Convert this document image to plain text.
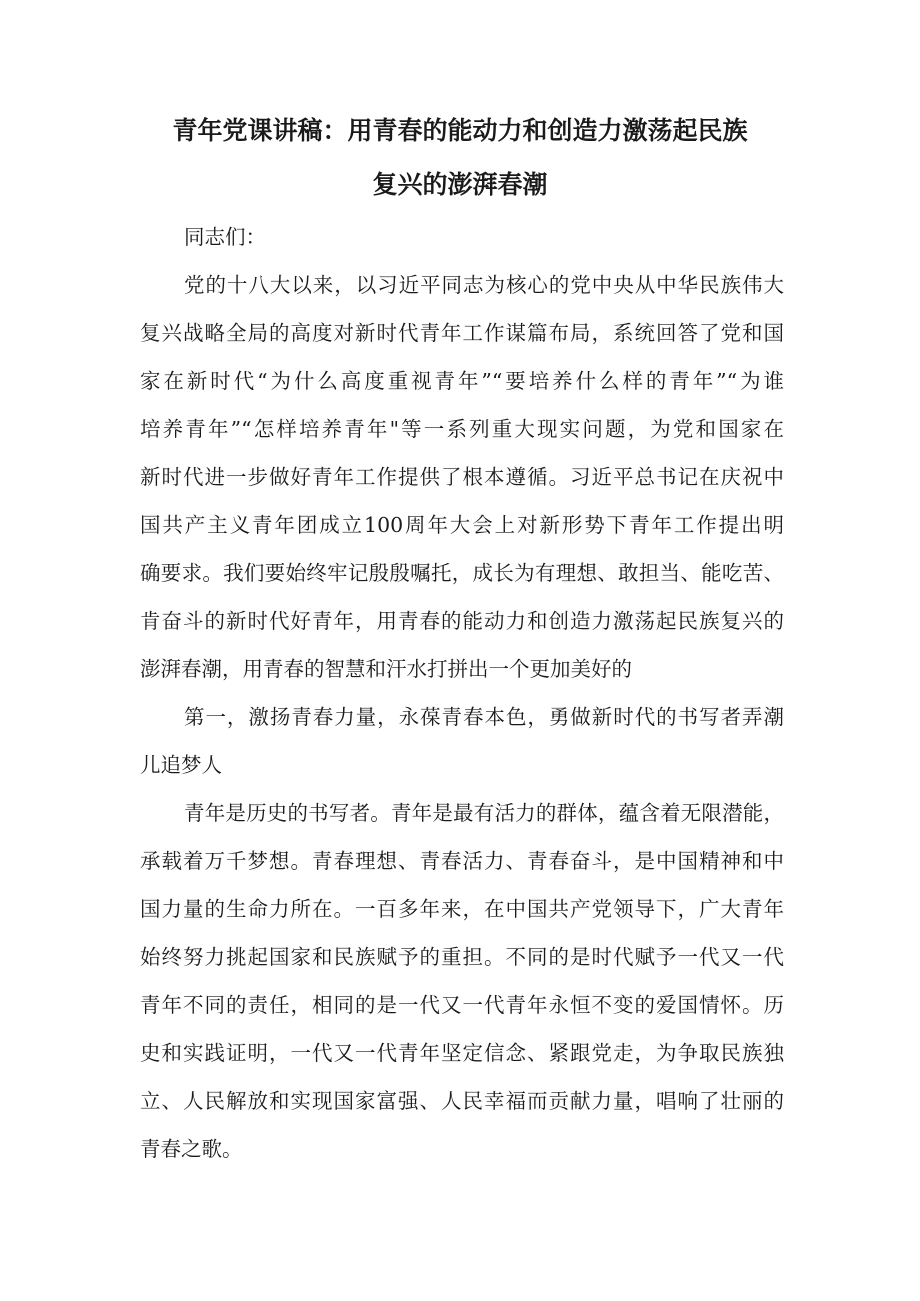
青年党课讲稿：用青春的能动力和创造力激荡起民族
复兴的澎湃春潮
同志们：
党的十八大以来，以习近平同志为核心的党中央从中华民族伟大
复兴战略全局的高度对新时代青年工作谋篇布局，系统回答了党和国
家在新时代“为什么高度重视青年”“要培养什么样的青年”“为谁
培养青年”“怎样培养青年"等一系列重大现实问题，为党和国家在
新时代进一步做好青年工作提供了根本遵循。习近平总书记在庆祝中
国共产主义青年团成立100周年大会上对新形势下青年工作提出明
确要求。我们要始终牢记殷殷嘱托，成长为有理想、敢担当、能吃苦、
肯奋斗的新时代好青年，用青春的能动力和创造力激荡起民族复兴的
澎湃春潮，用青春的智慧和汗水打拼出一个更加美好的
第一，激扬青春力量，永葆青春本色，勇做新时代的书写者弄潮
儿追梦人
青年是历史的书写者。青年是最有活力的群体，蕴含着无限潜能，
承载着万千梦想。青春理想、青春活力、青春奋斗，是中国精神和中
国力量的生命力所在。一百多年来，在中国共产党领导下，广大青年
始终努力挑起国家和民族赋予的重担。不同的是时代赋予一代又一代
青年不同的责任，相同的是一代又一代青年永恒不变的爱国情怀。历
史和实践证明，一代又一代青年坚定信念、紧跟党走，为争取民族独
立、人民解放和实现国家富强、人民幸福而贡献力量，唱响了壮丽的
青春之歌。
